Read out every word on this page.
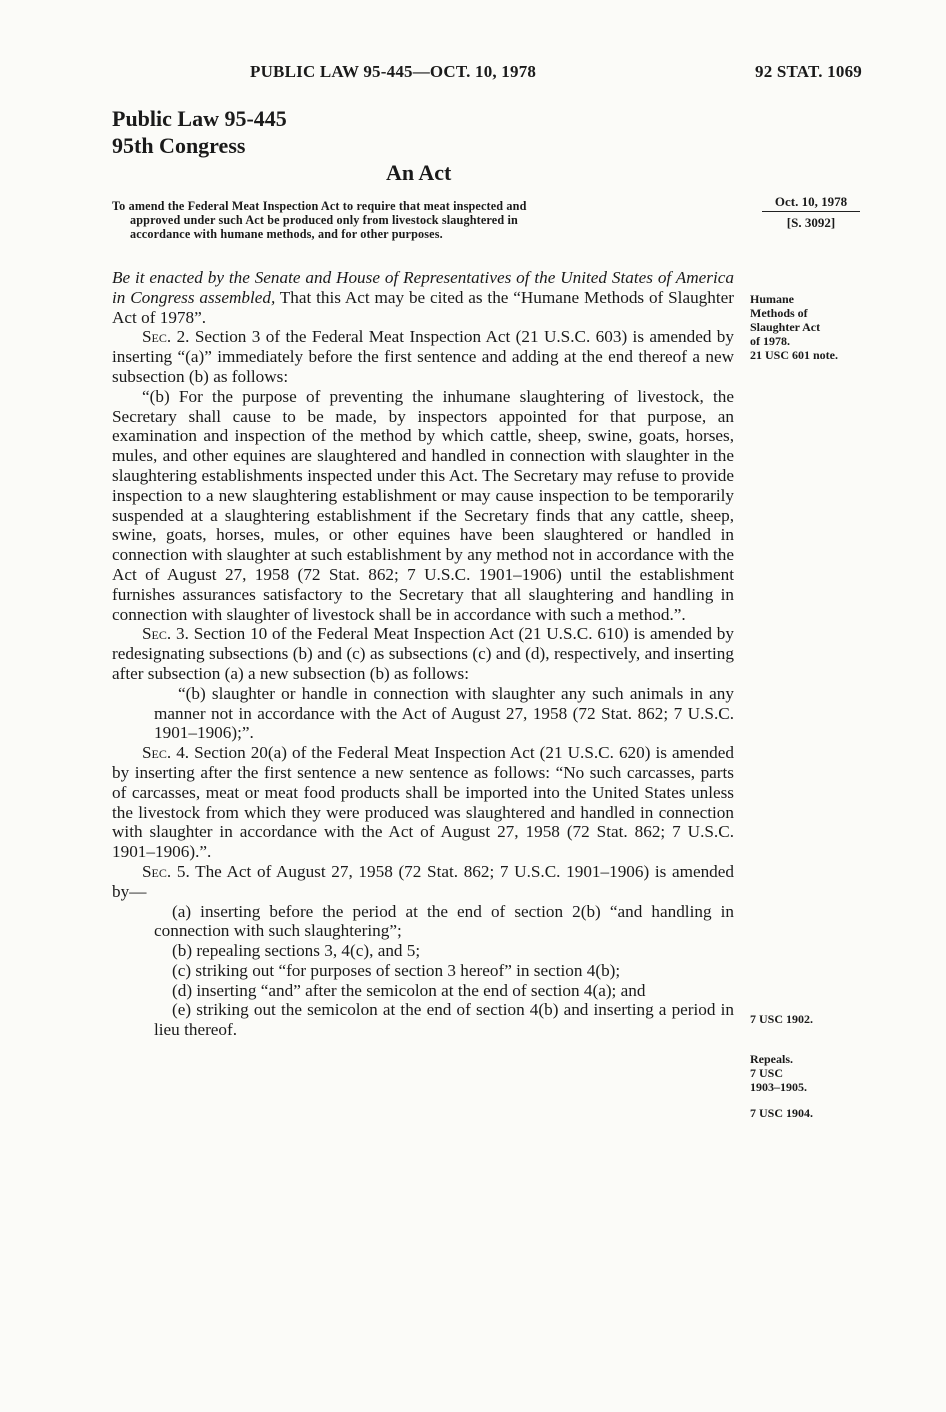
PUBLIC LAW 95-445—OCT. 10, 1978	92 STAT. 1069
Public Law 95-445
95th Congress
An Act
To amend the Federal Meat Inspection Act to require that meat inspected and
approved under such Act be produced only from livestock slaughtered in
accordance with humane methods, and for other purposes.
Oct. 10, 1978
[S. 3092]

Be it enacted by the Senate and House of Representatives of the United States of America in Congress assembled, That this Act may be cited as the “Humane Methods of Slaughter Act of 1978”.

Sec. 2. Section 3 of the Federal Meat Inspection Act (21 U.S.C. 603) is amended by inserting “(a)” immediately before the first sentence and adding at the end thereof a new subsection (b) as follows:

“(b) For the purpose of preventing the inhumane slaughtering of livestock, the Secretary shall cause to be made, by inspectors appointed for that purpose, an examination and inspection of the method by which cattle, sheep, swine, goats, horses, mules, and other equines are slaughtered and handled in connection with slaughter in the slaughtering establishments inspected under this Act. The Secretary may refuse to provide inspection to a new slaughtering establishment or may cause inspection to be temporarily suspended at a slaughtering establishment if the Secretary finds that any cattle, sheep, swine, goats, horses, mules, or other equines have been slaughtered or handled in connection with slaughter at such establishment by any method not in accordance with the Act of August 27, 1958 (72 Stat. 862; 7 U.S.C. 1901–1906) until the establishment furnishes assurances satisfactory to the Secretary that all slaughtering and handling in connection with slaughter of livestock shall be in accordance with such a method.”.

Sec. 3. Section 10 of the Federal Meat Inspection Act (21 U.S.C. 610) is amended by redesignating subsections (b) and (c) as subsections (c) and (d), respectively, and inserting after subsection (a) a new subsection (b) as follows:

“(b) slaughter or handle in connection with slaughter any such animals in any manner not in accordance with the Act of August 27, 1958 (72 Stat. 862; 7 U.S.C. 1901–1906);”.

Sec. 4. Section 20(a) of the Federal Meat Inspection Act (21 U.S.C. 620) is amended by inserting after the first sentence a new sentence as follows: “No such carcasses, parts of carcasses, meat or meat food products shall be imported into the United States unless the livestock from which they were produced was slaughtered and handled in connection with slaughter in accordance with the Act of August 27, 1958 (72 Stat. 862; 7 U.S.C. 1901–1906).”.

Sec. 5. The Act of August 27, 1958 (72 Stat. 862; 7 U.S.C. 1901–1906) is amended by—

(a) inserting before the period at the end of section 2(b) “and handling in connection with such slaughtering”;

(b) repealing sections 3, 4(c), and 5;

(c) striking out “for purposes of section 3 hereof” in section 4(b);

(d) inserting “and” after the semicolon at the end of section 4(a); and

(e) striking out the semicolon at the end of section 4(b) and inserting a period in lieu thereof.

Humane
Methods of
Slaughter Act
of 1978.
21 USC 601 note.
7 USC 1902.
Repeals.
7 USC
1903–1905.
7 USC 1904.
